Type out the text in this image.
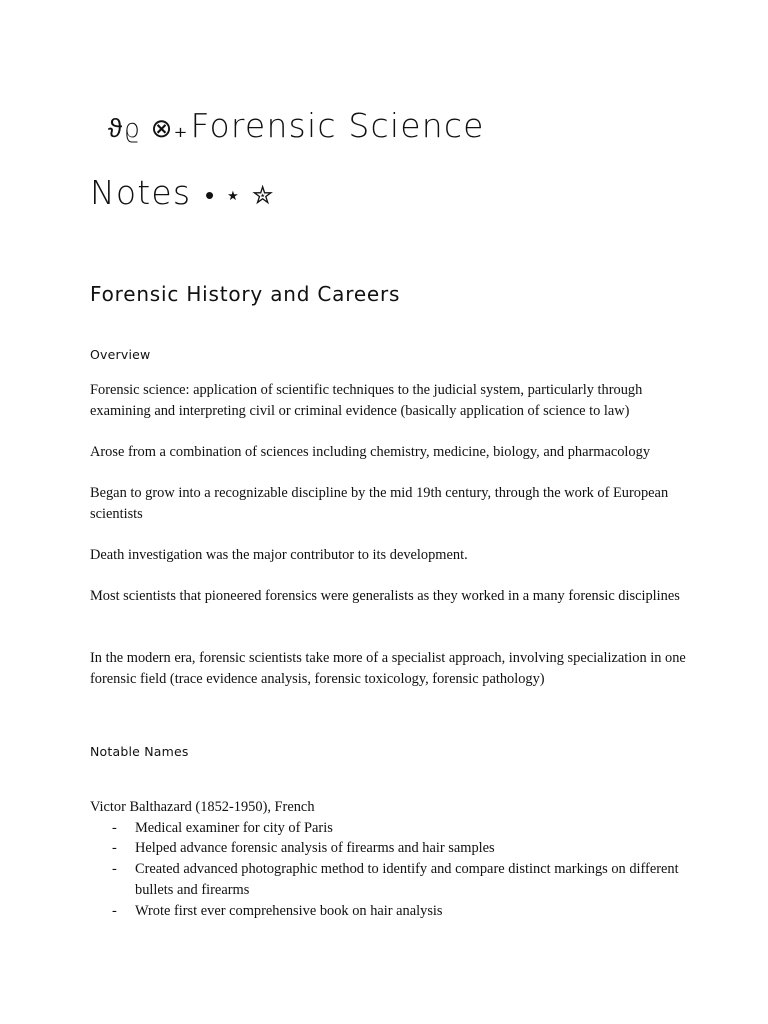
ϑϱ ⊗₊Forensic Science
Notes • ⋆ ✮
Forensic History and Careers
Overview

Forensic science: application of scientific techniques to the judicial system, particularly through examining and interpreting civil or criminal evidence (basically application of science to law)

Arose from a combination of sciences including chemistry, medicine, biology, and pharmacology

Began to grow into a recognizable discipline by the mid 19th century, through the work of European scientists

Death investigation was the major contributor to its development.

Most scientists that pioneered forensics were generalists as they worked in a many forensic disciplines

In the modern era, forensic scientists take more of a specialist approach, involving specialization in one forensic field (trace evidence analysis, forensic toxicology, forensic pathology)

Notable Names
Victor Balthazard (1852-1950), French
- Medical examiner for city of Paris
- Helped advance forensic analysis of firearms and hair samples
- Created advanced photographic method to identify and compare distinct markings on different bullets and firearms
- Wrote first ever comprehensive book on hair analysis
